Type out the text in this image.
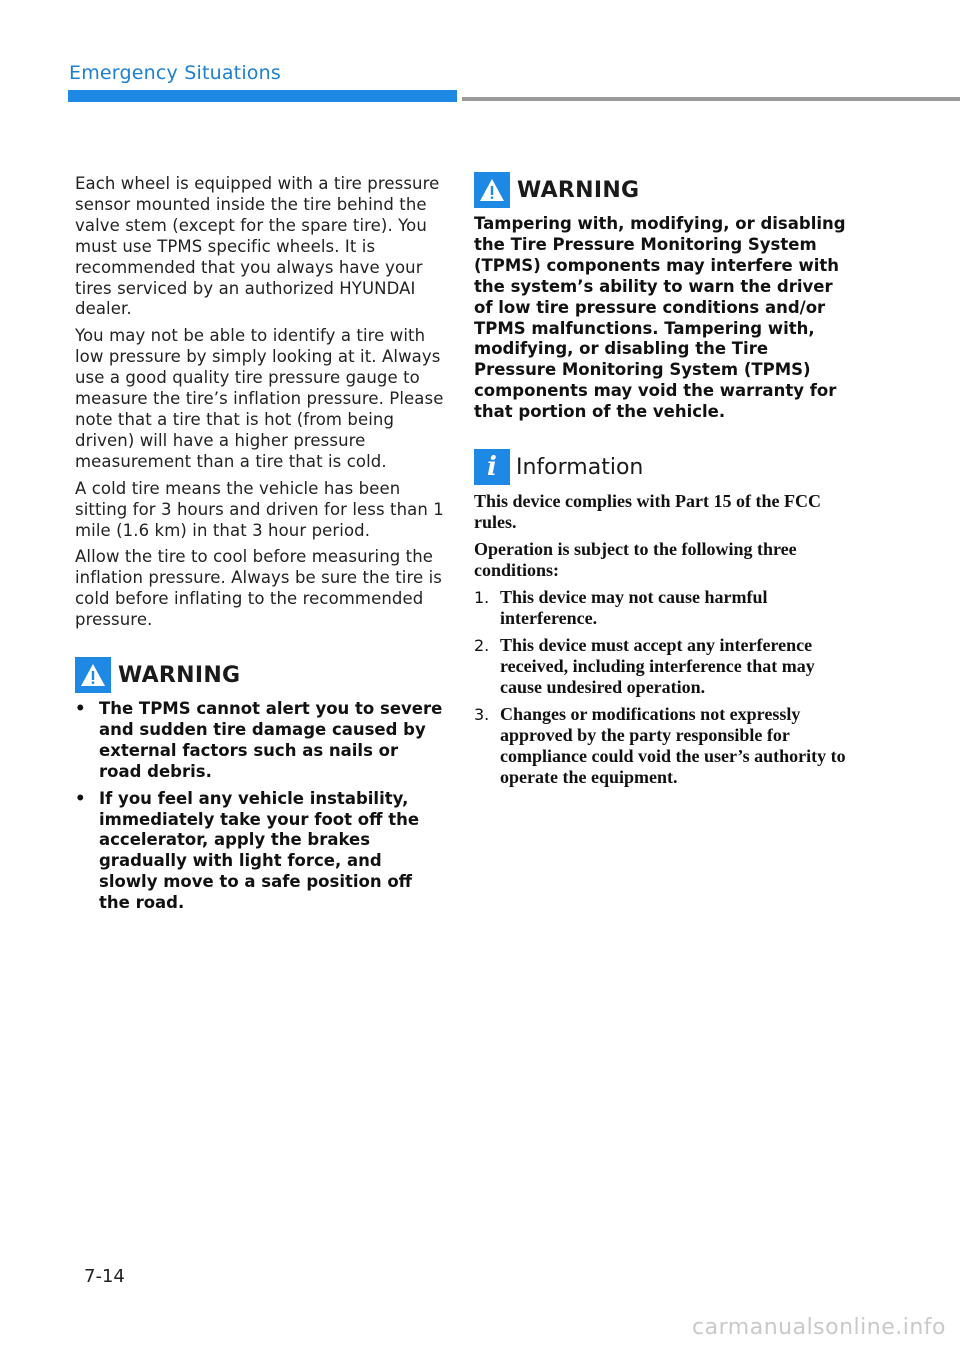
Emergency Situations

Each wheel is equipped with a tire pressure sensor mounted inside the tire behind the valve stem (except for the spare tire). You must use TPMS specific wheels. It is recommended that you always have your tires serviced by an authorized HYUNDAI dealer.

You may not be able to identify a tire with low pressure by simply looking at it. Always use a good quality tire pressure gauge to measure the tire’s inflation pressure. Please note that a tire that is hot (from being driven) will have a higher pressure measurement than a tire that is cold.

A cold tire means the vehicle has been sitting for 3 hours and driven for less than 1 mile (1.6 km) in that 3 hour period.

Allow the tire to cool before measuring the inflation pressure. Always be sure the tire is cold before inflating to the recommended pressure.

WARNING
• The TPMS cannot alert you to severe and sudden tire damage caused by external factors such as nails or road debris.
• If you feel any vehicle instability, immediately take your foot off the accelerator, apply the brakes gradually with light force, and slowly move to a safe position off the road.
WARNING

Tampering with, modifying, or disabling the Tire Pressure Monitoring System (TPMS) components may interfere with the system’s ability to warn the driver of low tire pressure conditions and/or TPMS malfunctions. Tampering with, modifying, or disabling the Tire Pressure Monitoring System (TPMS) components may void the warranty for that portion of the vehicle.

i Information

This device complies with Part 15 of the FCC rules.

Operation is subject to the following three conditions:

1. This device may not cause harmful interference.
2. This device must accept any interference received, including interference that may cause undesired operation.
3. Changes or modifications not expressly approved by the party responsible for compliance could void the user’s authority to operate the equipment.
7-14
carmanualsonline.info
